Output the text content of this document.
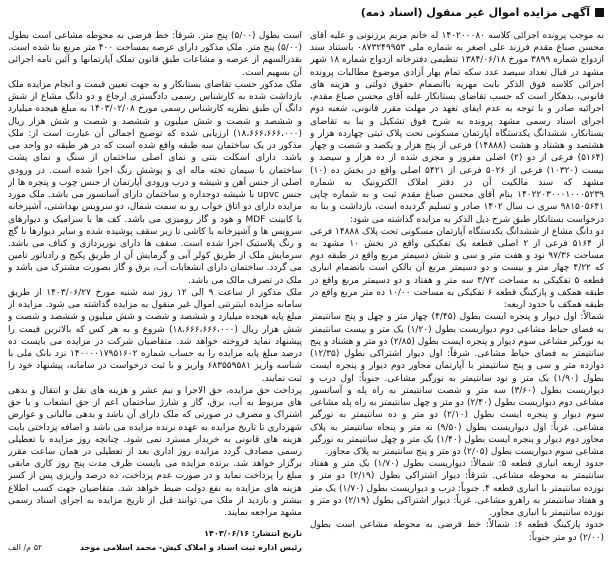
آگهی مزایده اموال غیر منقول (اسناد ذمه)

به موجب پرونده اجرائی کلاسه ۱۴۰۲۰۰۰۸۰ له خانم مریم برزنونی و علیه آقای محسن صباغ مقدم فرزند علی اصغر به شماره ملی ۰۸۷۳۲۴۹۹۵۳ باستناد سند ازدواج شماره ۳۸۹۹ مورخ ۱۳۸۴/۰۶/۱۸ تنظیمی دفترخانه ازدواج شماره ۱۸ شهر مشهد در قبال تعداد سیصد عدد سکه تمام بهار آزادی موضوع مطالبات پرونده اجرائی کلاسه فوق الذکر بابت مهریه باانضمام حقوق دولتی و هزینه های قانونی، بدهکار است که حسب تقاضای بستانکار علیه آقای محسن صباغ مقدم، اجرائیه صادر و با توجه به عدم ایفای تعهد در مهلت مقرر قانونی، شعبه دوم اجرای اسناد رسمی مشهد پرونده به شرح فوق تشکیل و بنا به تقاضای بستانکار، ششدانگ یکدستگاه آپارتمان مسکونی تحت پلاک ثبتی چهارده هزار و هشتصد و هشتاد و هشت (۱۴۸۸۸) فرعی از پنج هزار و یکصد و شصت و چهار (۵۱۶۴) فرعی از دو (۲) اصلی مفروز و مجزی شده از ده هزار و سیصد و بیست (۱۰۳۲۰) فرعی از ۵۰۲۶ فرعی از ۵۴۲۱ اصلی واقع در بخش ده (۱۰) مشهد که سند مالکیت آن در دفتر املاک الکترونیک به شماره ۱۴۰۲۲۰۳۰۰۰۱۰۰۰۵۲۳۹ بنام آقای محسن صباغ مقدم ثبت و به شماره چاپی ۹۸۱۵۰۵۶۴۱ سری ب سال ۱۴۰۲ صادر و تسلیم گردیده است، بازداشت و بنا به درخواست بستانکار طبق شرح ذیل الذکر به مزایده گذاشته می شود:

دو دانگ مشاع از ششدانگ یکدستگاه آپارتمان مسکونی تحت پلاک ۱۴۸۸۸ فرعی از ۵۱۶۴ فرعی از ۲ اصلی قطعه یک تفکیکی واقع در بخش ۱۰ مشهد به مساحت ۹۷/۳۶ نود و هفت متر و سی و شش دسیمتر مربع واقع در طبقه دوم که ۴/۲۲ چهار متر و بیست و دو دسیمتر مربع آن بالکن است بانضمام انباری قطعه ۵ تفکیکی به مساحت ۳/۷۲ سه متر و هفتاد و دو دسیمتر مربع واقع در طبقه همکف و پارکینگ قطعه ۶ تفکیکی به مساحت ۱۰/۰۰ ده متر مربع واقع در طبقه همکف با حدود اربعه:

شمالاً: اول دیوار و پنجره ایست بطول (۴/۴۵) چهار متر و چهل و پنج سانتیمتر به فضای حیاط مشاعی دوم دیواریست بطول (۱/۲۰) یک متر و بیست سانتیمتر به نورگیر مشاعی سوم دیوار و پنجره ایست بطول (۲/۸۵) دو متر و هشتاد و پنج سانتیمتر به فضای حیاط مشاعی. شرقاً: اول دیوار اشتراکی بطول (۱۲/۳۵) دوازده متر و سی و پنج سانتیمتر با آپارتمان مجاور دوم دیوار و پنجره ایست بطول (۱/۹۰) یک متر و نود سانتیمتر به نورگیر مشاعی. جنوباً: اول درب و دیواریست بطول (۳/۶۰) سه متر و شصت سانتیمتر به راه پله و آسانسور مشاعی دوم دیواریست بطول (۲/۴۰) دو متر و چهل سانتیمتر به راه پله مشاعی سوم دیوار و پنجره ایست بطول (۲/۱۰) دو متر و ده سانتیمتر به نورگیر مشاعی. غرباً: اول دیواریست بطول (۹/۵۰) نه متر و پنجاه سانتیمتر به پلاک مجاور دوم دیوار و پنجره ایست بطول (۱/۴۰) یک متر و چهل سانتیمتر به نورگیر مشاعی سوم دیواریست بطول (۲/۰۵) دو متر و پنج سانتیمتر به پلاک مجاور.

حدود اربعه انباری قطعه ۵: شمالاً: دیواریست بطول (۱/۷۰) یک متر و هفتاد سانتیمتر به محوطه مشاعی. شرقاً: دیوار اشتراکی بطول (۲/۱۹) دو متر و نوزده سانتیمتر با انباری قطعه ۴. جنوباً: درب و دیواریست بطول (۱/۷۰) یک متر و هفتاد سانتیمتر به راهرو مشاعی. غرباً: دیوار اشتراکی بطول (۲/۱۹) دو متر و نوزده سانتیمتر با انباری مجاور.

حدود پارکینگ قطعه ۶: شمالاً: خط فرضی به محوطه مشاعی است بطول (۲/۰۰) دو متر جنوباً:

است بطول (۵/۰۰) پنج متر. شرقاً: خط فرضی به محوطه مشاعی است بطول (۵/۰۰) پنج متر. ملک مذکور دارای عرصه بمساحت ۴۰۰ متر مربع بنا شده است. بقدرالسهم از عرصه و مشاعات طبق قانون تملک آپارتمانها و آئین نامه اجرائی آن بسهیم است.

ملک مذکور حسب تقاضای بستانکار و به جهت تعیین قیمت و انجام مزایده ملک بازداشت شده به کارشناس رسمی دادگستری ارجاع و دو دانگ مشاع از شش دانگ آن طبق نظریه کارشناس رسمی مورخ ۱۴۰۳/۰۲/۰۸ به مبلغ هیجده میلیارد و ششصد و شصت و شش میلیون و ششصد و شصت و شش هزار ریال (۱۸،۶۶۶،۶۶۶،۰۰۰) ارزیابی شده که توضیح اجمالی آن عبارت است از: ملک مذکور در یک ساختمان سه طبقه واقع شده است که در هر طبقه دو واحد می باشد. دارای اسکلت بتنی و نمای اصلی ساختمان از سنگ و نمای پشت ساختمان با سیمان تخته ماله ای و پوشش رنگ اجرا شده است. در ورودی اصلی از جنس آهن و شیشه و درب ورودی آپارتمان از جنس چوب و پنجره ها از جنس upvc با شیشه دوجداره و ساختمان دارای آسانسور می باشد. ملک مورد مزایده دارای دو اتاق خواب رو به سمت شمال، دو سرویس بهداشتی، آشپزخانه با کابینت MDF و هود و گاز رومیزی می باشد. کف ها با سرامیک و دیوارهای سرویس ها و آشپزخانه با کاشی تا زیر سقف پوشیده شده و سایر دیوارها با گچ و رنگ پلاستیک اجرا شده است. سقف ها دارای نورپردازی و کناف می باشد. سرمایش ملک از طریق کولر آبی و گرمایش آن از طریق پکیج و رادیاتور تامین می گردد. ساختمان دارای انشعابات آب، برق و گاز بصورت مشترک می باشد و ملک در تصرف مالک می باشد.

ملک مذکور از ساعت ۹ الی ۱۲ روز سه شنبه مورخ ۱۴۰۳/۰۶/۲۷ از طریق سامانه مزایده اینترنتی اموال غیر منقول به مزایده گذاشته می شود. مزایده از مبلغ پایه هیجده میلیارد و ششصد و شصت و شش میلیون و ششصد و شصت و شش هزار ریال (۱۸،۶۶۶،۶۶۶،۰۰۰) شروع و به هر کس که بالاترین قیمت را پیشنهاد نماید فروخته خواهد شد. متقاضیان شرکت در مزایده می بایست ده درصد مبلغ پایه مزایده را به حساب شماره ۱۴۰۰۰۰۱۷۹۵۱۶۰۲ نزد بانک ملی با شناسه واریز ۶۸۳۵۵۹۵۸۱ واریز و با ثبت درخواست در سامانه، پیشنهاد خود را ثبت نمایند.

پرداخت حق مزایده، حق الاجرا و نیم عشر و هزینه های نقل و انتقال و بدهی های مربوط به آب، برق، گاز و شارژ ساختمان اعم از حق انشعاب و یا حق اشتراک و مصرف در صورتی که ملک دارای آن باشد و بدهی مالیاتی و عوارض شهرداری تا تاریخ مزایده به عهده برنده مزایده می باشد و اضافه پرداختی بابت هزینه های قانونی به خریدار مسترد نمی شود. چنانچه روز مزایده با تعطیلی رسمی مصادف گردد مزایده روز اداری بعد از تعطیلی در همان ساعت مقرر برگزار خواهد شد. برنده مزایده می بایست ظرف مدت پنج روز کاری مابقی مبلغ را پرداخت نماید و در صورت عدم پرداخت، ده درصد واریزی پس از کسر هزینه های مزایده به نفع دولت ضبط خواهد شد. متقاضیان جهت کسب اطلاع بیشتر و بازدید از ملک می توانند قبل از تاریخ مزایده به اجرای اسناد رسمی مشهد مراجعه نمایند.

تاریخ انتشار: ۱۴۰۳/۰۶/۱۶
رئیس اداره ثبت اسناد و املاک کیش- محمد اسلامی موحد
۵۲ م/ الف
